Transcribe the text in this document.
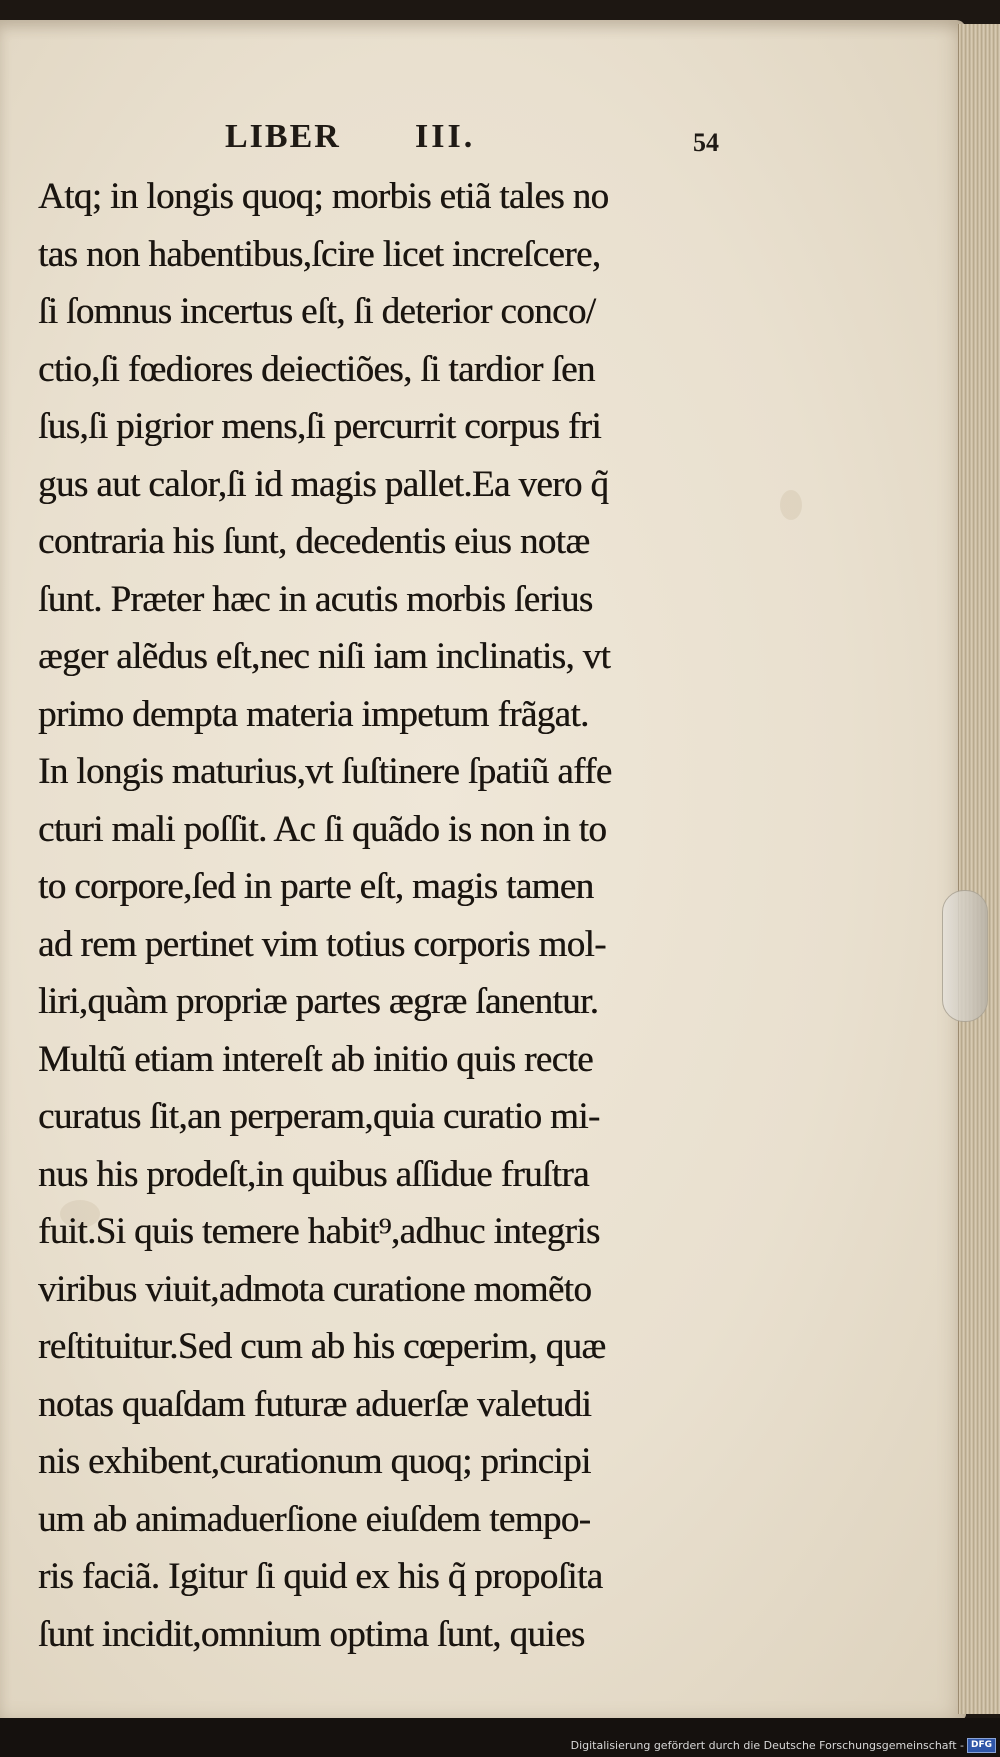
LIBER III.	54
Atq; in longis quoq; morbis etiã tales no
tas non habentibus,ſcire licet increſcere,
ſi ſomnus incertus eſt, ſi deterior conco/
ctio,ſi fœdiores deiectiões, ſi tardior ſen
ſus,ſi pigrior mens,ſi percurrit corpus fri
gus aut calor,ſi id magis pallet.Ea vero q̃
contraria his ſunt, decedentis eius notæ
ſunt. Præter hæc in acutis morbis ſerius
æger alẽdus eſt,nec niſi iam inclinatis, vt
primo dempta materia impetum frãgat.
In longis maturius,vt ſuſtinere ſpatiũ affe
cturi mali poſſit. Ac ſi quãdo is non in to
to corpore,ſed in parte eſt, magis tamen
ad rem pertinet vim totius corporis mol-
liri,quàm propriæ partes ægræ ſanentur.
Multũ etiam intereſt ab initio quis recte
curatus ſit,an perperam,quia curatio mi-
nus his prodeſt,in quibus aſſidue fruſtra
fuit.Si quis temere habit⁹,adhuc integris
viribus viuit,admota curatione momẽto
reſtituitur.Sed cum ab his cœperim, quæ
notas quaſdam futuræ aduerſæ valetudi
nis exhibent,curationum quoq; principi
um ab animaduerſione eiuſdem tempo-
ris faciã. Igitur ſi quid ex his q̃ propoſita
ſunt incidit,omnium optima ſunt, quies
Digitalisierung gefördert durch die Deutsche Forschungsgemeinschaft - DFG
